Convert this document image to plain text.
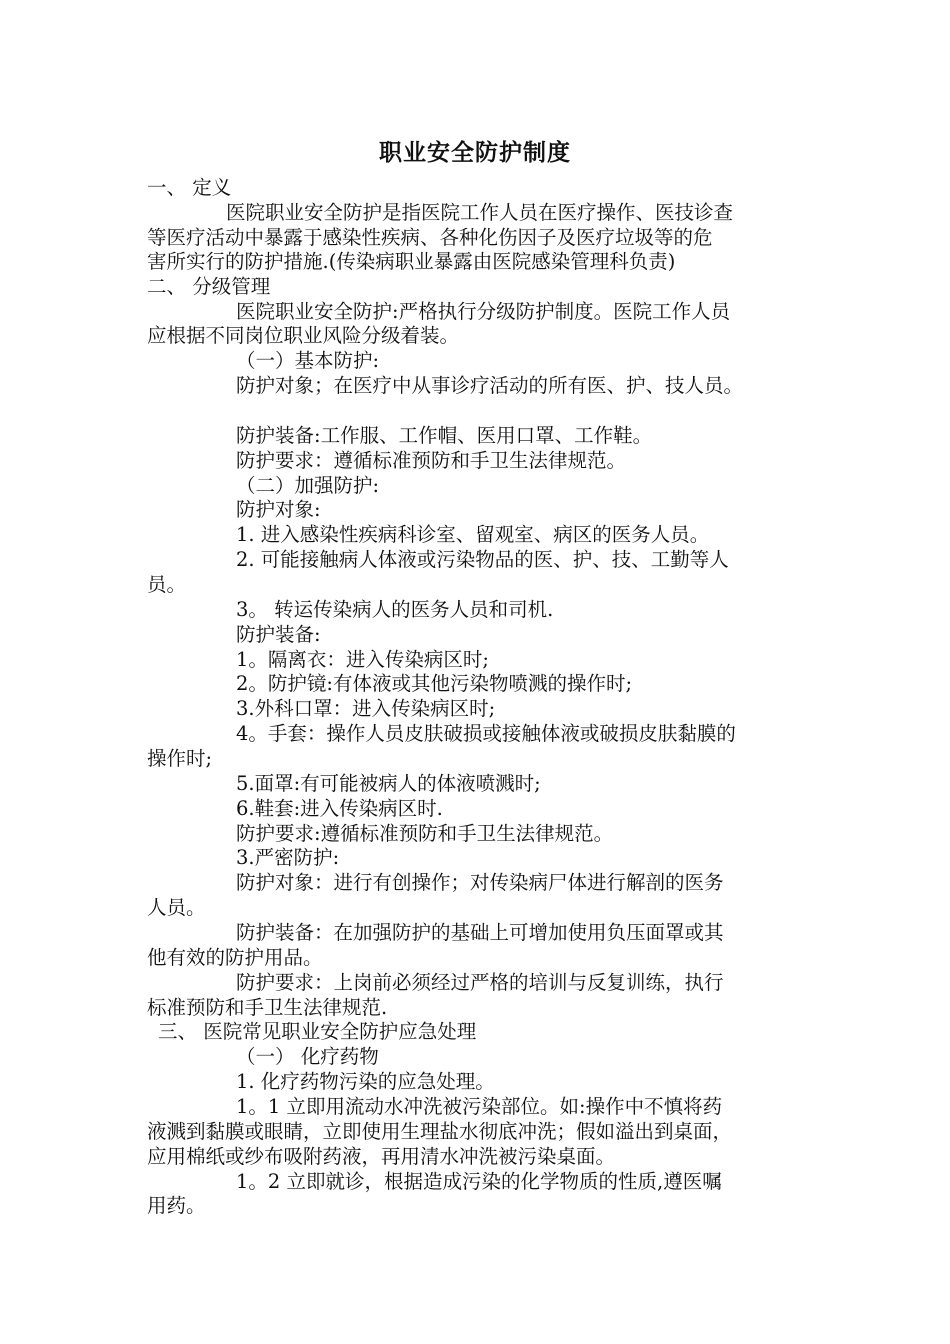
职业安全防护制度
一、 定义
医院职业安全防护是指医院工作人员在医疗操作、医技诊查
等医疗活动中暴露于感染性疾病、各种化伤因子及医疗垃圾等的危
害所实行的防护措施.(传染病职业暴露由医院感染管理科负责)
二、 分级管理
医院职业安全防护:严格执行分级防护制度。医院工作人员
应根据不同岗位职业风险分级着装。
（一）基本防护:
防护对象；在医疗中从事诊疗活动的所有医、护、技人员。
防护装备:工作服、工作帽、医用口罩、工作鞋。
防护要求：遵循标准预防和手卫生法律规范。
（二）加强防护:
防护对象:
1. 进入感染性疾病科诊室、留观室、病区的医务人员。
2. 可能接触病人体液或污染物品的医、护、技、工勤等人
员。
3。 转运传染病人的医务人员和司机.
防护装备:
1。隔离衣：进入传染病区时;
2。防护镜:有体液或其他污染物喷溅的操作时;
3.外科口罩：进入传染病区时;
4。手套：操作人员皮肤破损或接触体液或破损皮肤黏膜的
操作时;
5.面罩:有可能被病人的体液喷溅时;
6.鞋套:进入传染病区时.
防护要求:遵循标准预防和手卫生法律规范。
3.严密防护:
防护对象：进行有创操作；对传染病尸体进行解剖的医务
人员。
防护装备：在加强防护的基础上可增加使用负压面罩或其
他有效的防护用品。
防护要求：上岗前必须经过严格的培训与反复训练，执行
标准预防和手卫生法律规范.
三、 医院常见职业安全防护应急处理
（一） 化疗药物
1. 化疗药物污染的应急处理。
1。1 立即用流动水冲洗被污染部位。如:操作中不慎将药
液溅到黏膜或眼睛，立即使用生理盐水彻底冲洗；假如溢出到桌面，
应用棉纸或纱布吸附药液，再用清水冲洗被污染桌面。
1。2 立即就诊，根据造成污染的化学物质的性质,遵医嘱
用药。
